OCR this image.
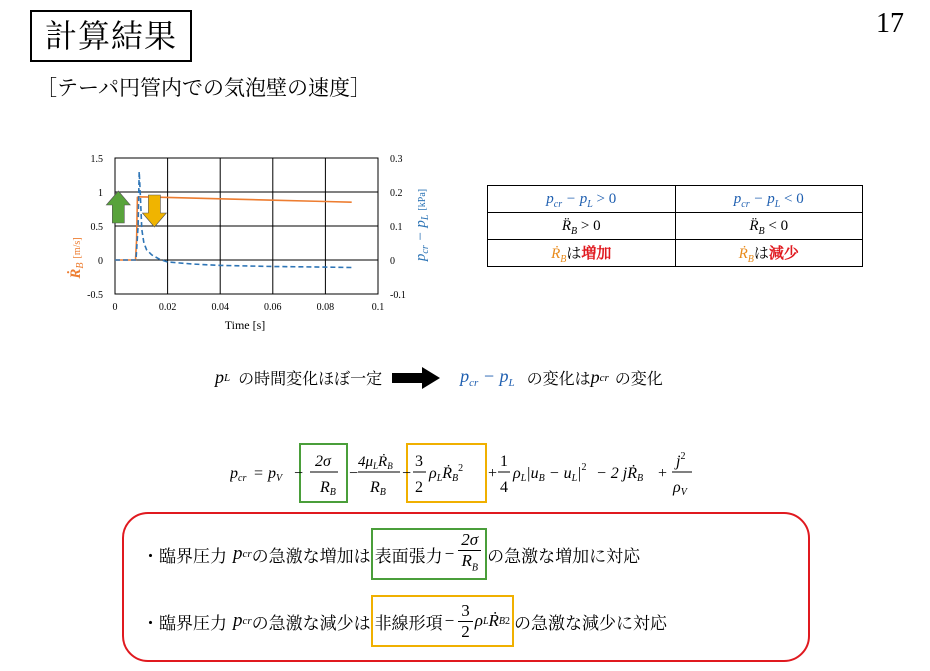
計算結果	17
［テーパ円管内での気泡壁の速度］
0	0.02	0.04	0.06	0.08	0.1
-0.5
0
0.5
1
1.5
-0.1
0
0.1
0.2
0.3
Time [s]
ṘB[m/s]	pcr − pL[kPa]	$p_{cr} - p_L > 0$	$p_{cr} - p_L < 0$
$R̈_B > 0$	$R̈_B < 0$
Ṙ$_B$は増加	Ṙ$_B$は減少
p L の時間変化ほぼ一定	$p_{cr} - p_L$ の変化は p cr の変化
pcr = pV −
2σ
RB
−
$4\mu_LṘ_B$
RB
−
3
2
ρLṘB$^2$ +
1
4
$\rho L|uB - uL|^2 - 2$ jṘB +
$j^2$
ρV
・ 臨界圧力 p cr の急激な増加は 表面張力 − $\frac{2\sigma}{R_B}$ の急激な増加に対応
・ 臨界圧力 p cr の急激な減少は 非線形項 − $\frac{3}{2}$ ρ L Ṙ B 2 の急激な減少に対応
